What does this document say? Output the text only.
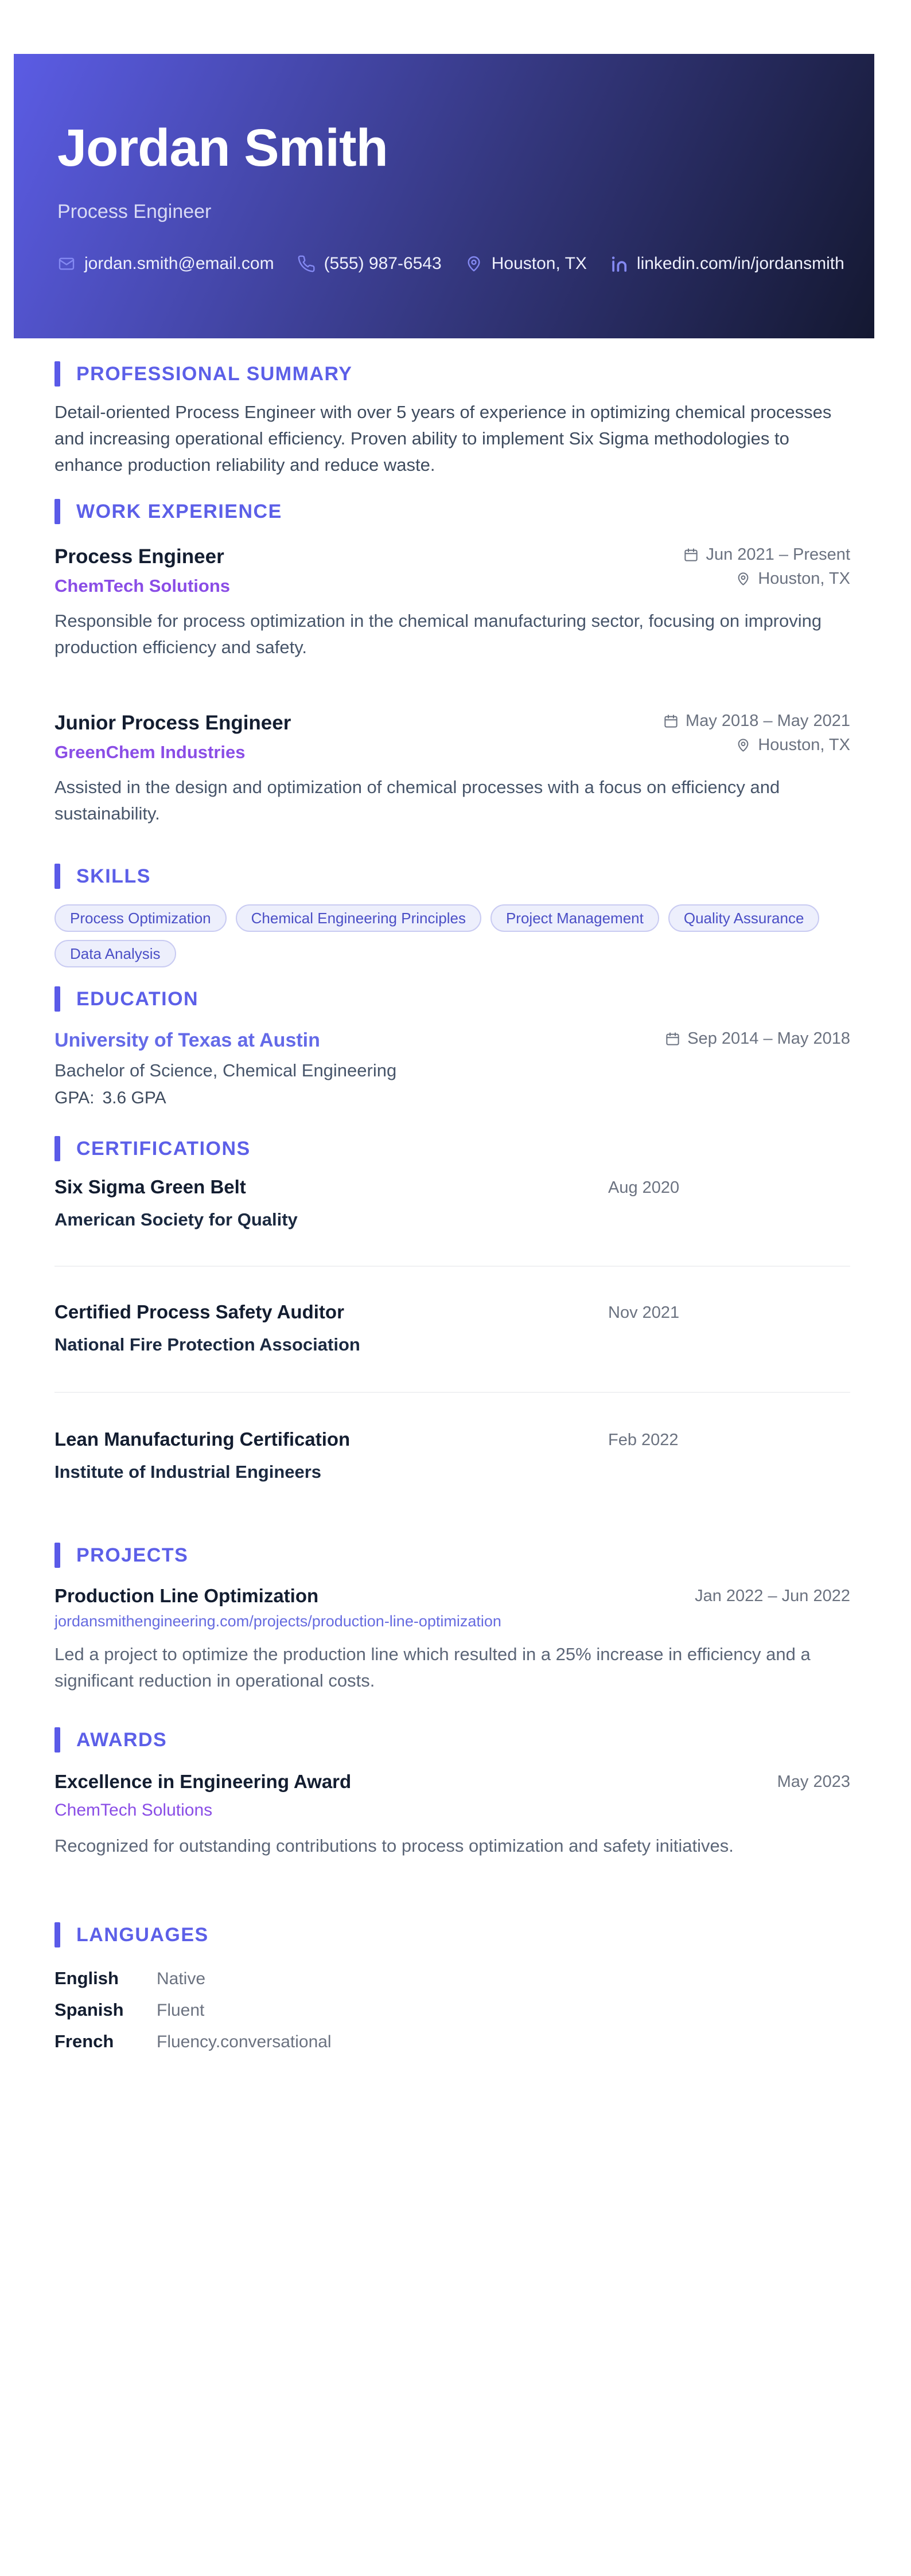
Jordan Smith
Process Engineer
jordan.smith@email.com	(555) 987-6543	Houston, TX	linkedin.com/in/jordansmith
PROFESSIONAL SUMMARY

Detail-oriented Process Engineer with over 5 years of experience in optimizing chemical processes and increasing operational efficiency. Proven ability to implement Six Sigma methodologies to enhance production reliability and reduce waste.

WORK EXPERIENCE
Process Engineer
ChemTech Solutions
Jun 2021 – Present
Houston, TX
Responsible for process optimization in the chemical manufacturing sector, focusing on improving production efficiency and safety.
Junior Process Engineer
GreenChem Industries
May 2018 – May 2021
Houston, TX
Assisted in the design and optimization of chemical processes with a focus on efficiency and sustainability.
SKILLS
Process Optimization	Chemical Engineering Principles	Project Management	Quality Assurance
Data Analysis
EDUCATION
University of Texas at Austin	Sep 2014 – May 2018
Bachelor of Science, Chemical Engineering
GPA: 3.6 GPA
CERTIFICATIONS
Six Sigma Green Belt	Aug 2020
American Society for Quality
Certified Process Safety Auditor	Nov 2021
National Fire Protection Association
Lean Manufacturing Certification	Feb 2022
Institute of Industrial Engineers
PROJECTS
Production Line Optimization	Jan 2022 – Jun 2022
jordansmithengineering.com/projects/production-line-optimization
Led a project to optimize the production line which resulted in a 25% increase in efficiency and a significant reduction in operational costs.
AWARDS
Excellence in Engineering Award	May 2023
ChemTech Solutions
Recognized for outstanding contributions to process optimization and safety initiatives.
LANGUAGES
English	Native
Spanish	Fluent
French	Fluency.conversational
